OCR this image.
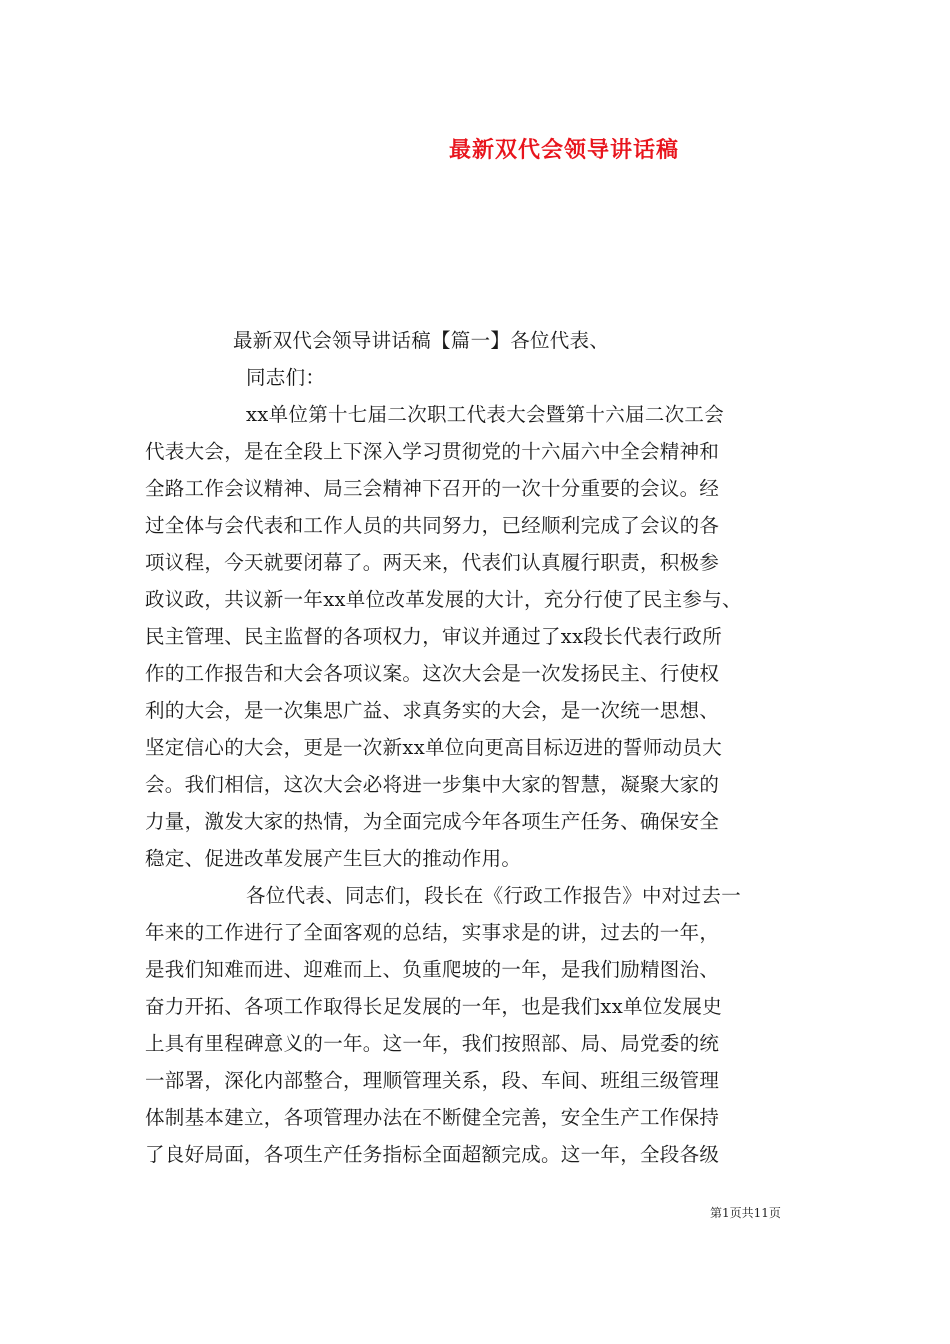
最新双代会领导讲话稿
最新双代会领导讲话稿【篇一】各位代表、
同志们：
xx单位第十七届二次职工代表大会暨第十六届二次工会
代表大会，是在全段上下深入学习贯彻党的十六届六中全会精神和
全路工作会议精神、局三会精神下召开的一次十分重要的会议。经
过全体与会代表和工作人员的共同努力，已经顺利完成了会议的各
项议程，今天就要闭幕了。两天来，代表们认真履行职责，积极参
政议政，共议新一年xx单位改革发展的大计，充分行使了民主参与、
民主管理、民主监督的各项权力，审议并通过了xx段长代表行政所
作的工作报告和大会各项议案。这次大会是一次发扬民主、行使权
利的大会，是一次集思广益、求真务实的大会，是一次统一思想、
坚定信心的大会，更是一次新xx单位向更高目标迈进的誓师动员大
会。我们相信，这次大会必将进一步集中大家的智慧，凝聚大家的
力量，激发大家的热情，为全面完成今年各项生产任务、确保安全
稳定、促进改革发展产生巨大的推动作用。
各位代表、同志们，段长在《行政工作报告》中对过去一
年来的工作进行了全面客观的总结，实事求是的讲，过去的一年，
是我们知难而进、迎难而上、负重爬坡的一年，是我们励精图治、
奋力开拓、各项工作取得长足发展的一年，也是我们xx单位发展史
上具有里程碑意义的一年。这一年，我们按照部、局、局党委的统
一部署，深化内部整合，理顺管理关系，段、车间、班组三级管理
体制基本建立，各项管理办法在不断健全完善，安全生产工作保持
了良好局面，各项生产任务指标全面超额完成。这一年，全段各级
第1页共11页
